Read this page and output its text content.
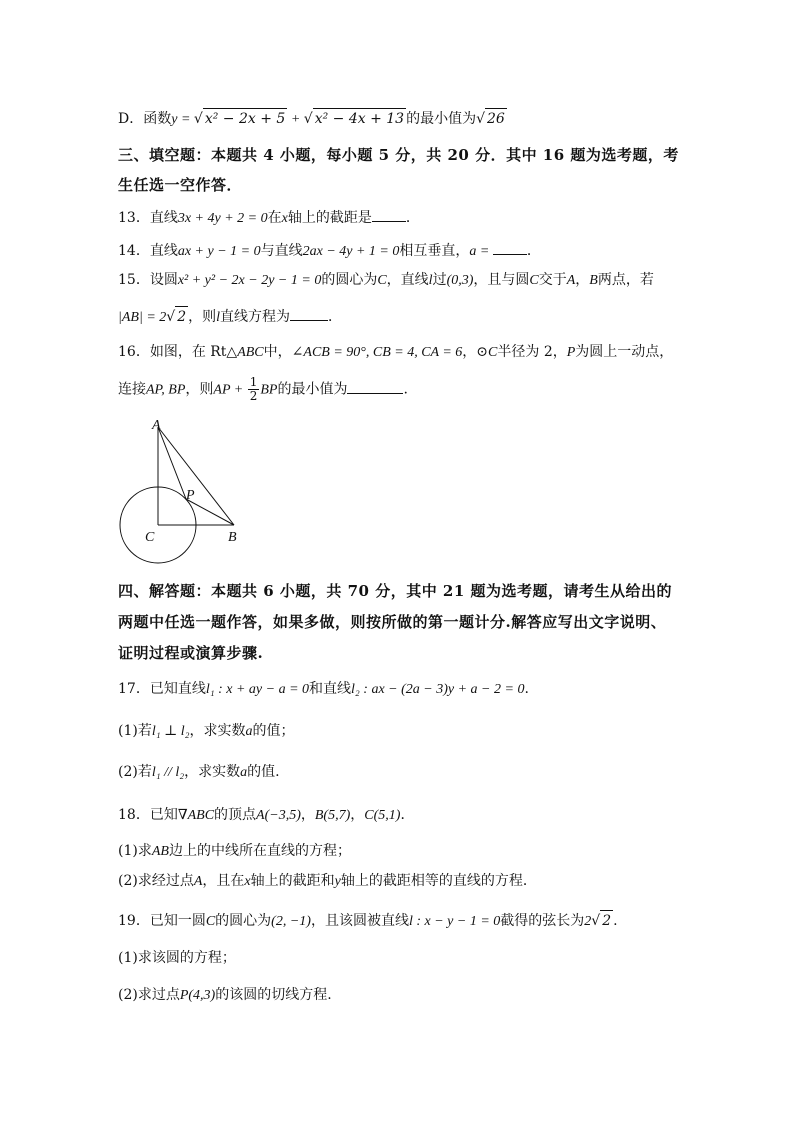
D．函数y = √ x² − 2x + 5 + √ x² − 4x + 13 的最小值为√ 26
三、填空题：本题共 4 小题，每小题 5 分，共 20 分．其中 16 题为选考题，考
生任选一空作答．
13．直线3x + 4y + 2 = 0在x轴上的截距是 ．
14．直线ax + y − 1 = 0与直线2ax − 4y + 1 = 0相互垂直，a = ．
15．设圆x² + y² − 2x − 2y − 1 = 0的圆心为C，直线l过(0,3)，且与圆C交于A，B两点，若
|AB| = 2√ 2 ，则l直线方程为	．
16．如图，在 Rt△ABC中，∠ACB = 90°, CB = 4, CA = 6，⊙C半径为 2，P为圆上一动点，
连接AP, BP，则AP + $\frac{1}{2}$ BP的最小值为	.
A
P
C	B
四、解答题：本题共 6 小题，共 70 分，其中 21 题为选考题，请考生从给出的
两题中任选一题作答，如果多做，则按所做的第一题计分.解答应写出文字说明、
证明过程或演算步骤.
17．已知直线l₁ : x + ay − a = 0和直线l₂ : ax − (2a − 3)y + a − 2 = 0.
(1)若l₁ ⊥ l₂，求实数a的值；
(2)若l₁ // l₂，求实数a的值.
18．已知∇ABC的顶点A(−3,5)，B(5,7)，C(5,1)．
(1)求AB边上的中线所在直线的方程；
(2)求经过点A，且在x轴上的截距和y轴上的截距相等的直线的方程．
19．已知一圆C的圆心为(2, −1)，且该圆被直线l : x − y − 1 = 0截得的弦长为2√ 2 .
(1)求该圆的方程；
(2)求过点P(4,3)的该圆的切线方程.
